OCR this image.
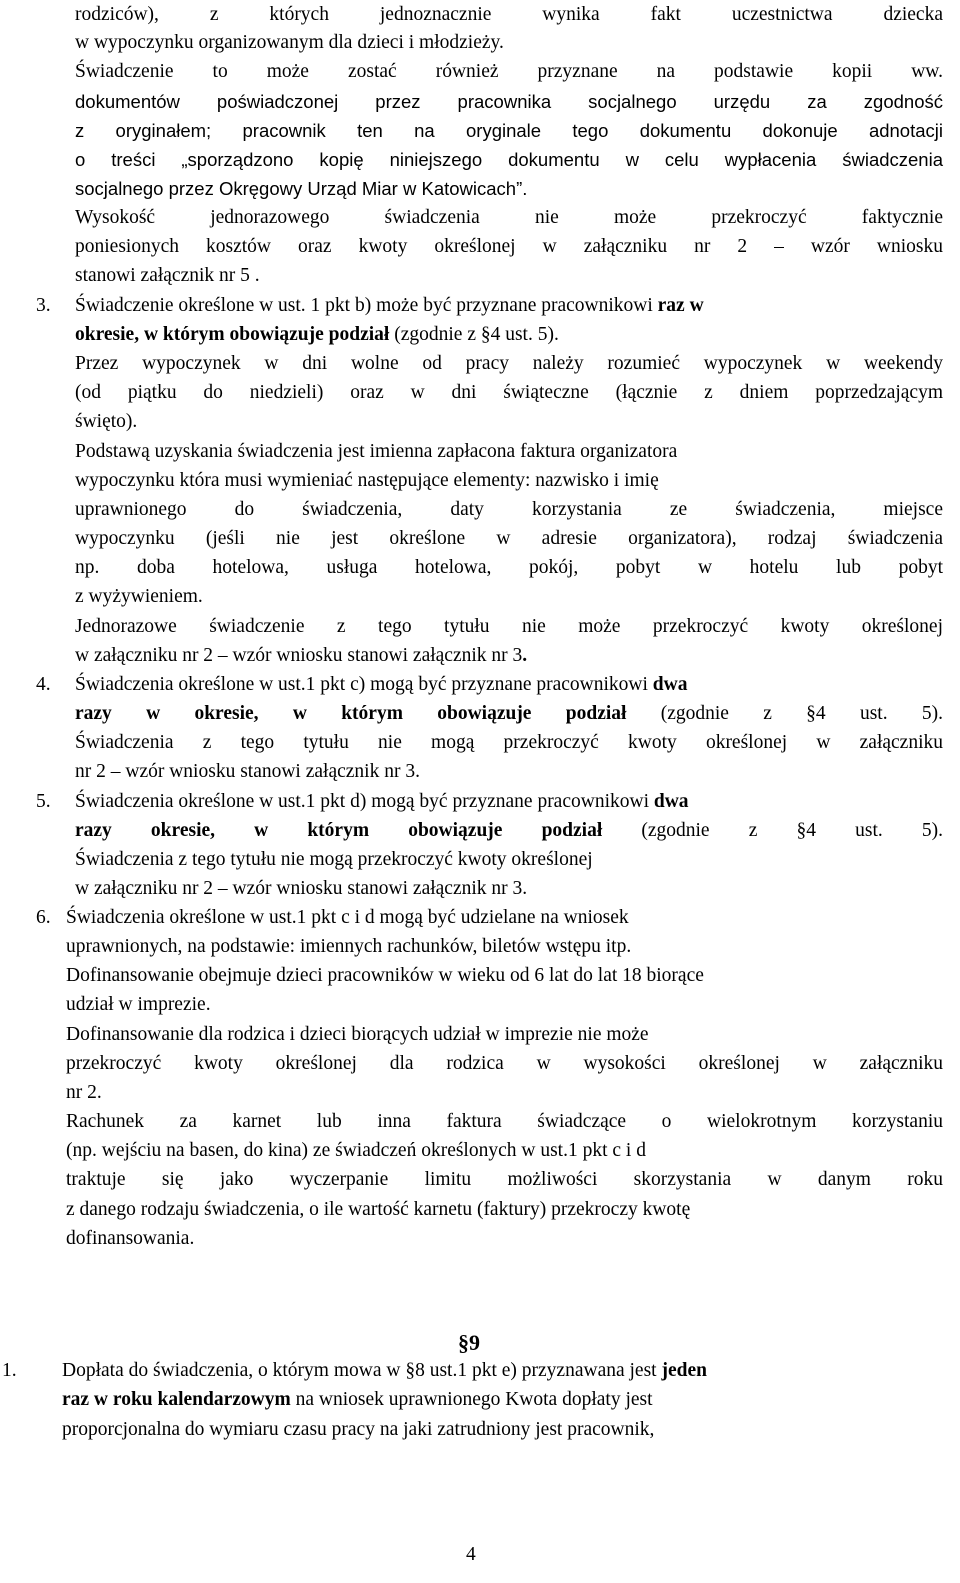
rodziców), z których jednoznacznie wynika fakt uczestnictwa dziecka
w wypoczynku organizowanym dla dzieci i młodzieży.
Świadczenie to może zostać również przyznane na podstawie kopii ww.
dokumentów poświadczonej przez pracownika socjalnego urzędu za zgodność
z oryginałem; pracownik ten na oryginale tego dokumentu dokonuje adnotacji
o treści „sporządzono kopię niniejszego dokumentu w celu wypłacenia świadczenia
socjalnego przez Okręgowy Urząd Miar w Katowicach”.
Wysokość jednorazowego świadczenia nie może przekroczyć faktycznie
poniesionych kosztów oraz kwoty określonej w załączniku nr 2 – wzór wniosku
stanowi załącznik nr 5 .
3. Świadczenie określone w ust. 1 pkt b) może być przyznane pracownikowi raz w
okresie, w którym obowiązuje podział (zgodnie z §4 ust. 5).
Przez wypoczynek w dni wolne od pracy należy rozumieć wypoczynek w weekendy
(od piątku do niedzieli) oraz w dni świąteczne (łącznie z dniem poprzedzającym
święto).
Podstawą uzyskania świadczenia jest imienna zapłacona faktura organizatora
wypoczynku która musi wymieniać następujące elementy: nazwisko i imię
uprawnionego do świadczenia, daty korzystania ze świadczenia, miejsce
wypoczynku (jeśli nie jest określone w adresie organizatora), rodzaj świadczenia
np. doba hotelowa, usługa hotelowa, pokój, pobyt w hotelu lub pobyt
z wyżywieniem.
Jednorazowe świadczenie z tego tytułu nie może przekroczyć kwoty określonej
w załączniku nr 2 – wzór wniosku stanowi załącznik nr 3.
4. Świadczenia określone w ust.1 pkt c) mogą być przyznane pracownikowi dwa
razy w okresie, w którym obowiązuje podział (zgodnie z §4 ust. 5).
Świadczenia z tego tytułu nie mogą przekroczyć kwoty określonej w załączniku
nr 2 – wzór wniosku stanowi załącznik nr 3.
5. Świadczenia określone w ust.1 pkt d) mogą być przyznane pracownikowi dwa
razy okresie, w którym obowiązuje podział (zgodnie z §4 ust. 5).
Świadczenia z tego tytułu nie mogą przekroczyć kwoty określonej
w załączniku nr 2 – wzór wniosku stanowi załącznik nr 3.
6. Świadczenia określone w ust.1 pkt c i d mogą być udzielane na wniosek
uprawnionych, na podstawie: imiennych rachunków, biletów wstępu itp.
Dofinansowanie obejmuje dzieci pracowników w wieku od 6 lat do lat 18 biorące
udział w imprezie.
Dofinansowanie dla rodzica i dzieci biorących udział w imprezie nie może
przekroczyć kwoty określonej dla rodzica w wysokości określonej w załączniku
nr 2.
Rachunek za karnet lub inna faktura świadczące o wielokrotnym korzystaniu
(np. wejściu na basen, do kina) ze świadczeń określonych w ust.1 pkt c i d
traktuje się jako wyczerpanie limitu możliwości skorzystania w danym roku
z danego rodzaju świadczenia, o ile wartość karnetu (faktury) przekroczy kwotę
dofinansowania.
§9
1. Dopłata do świadczenia, o którym mowa w §8 ust.1 pkt e) przyznawana jest jeden
raz w roku kalendarzowym na wniosek uprawnionego Kwota dopłaty jest
proporcjonalna do wymiaru czasu pracy na jaki zatrudniony jest pracownik,
4
